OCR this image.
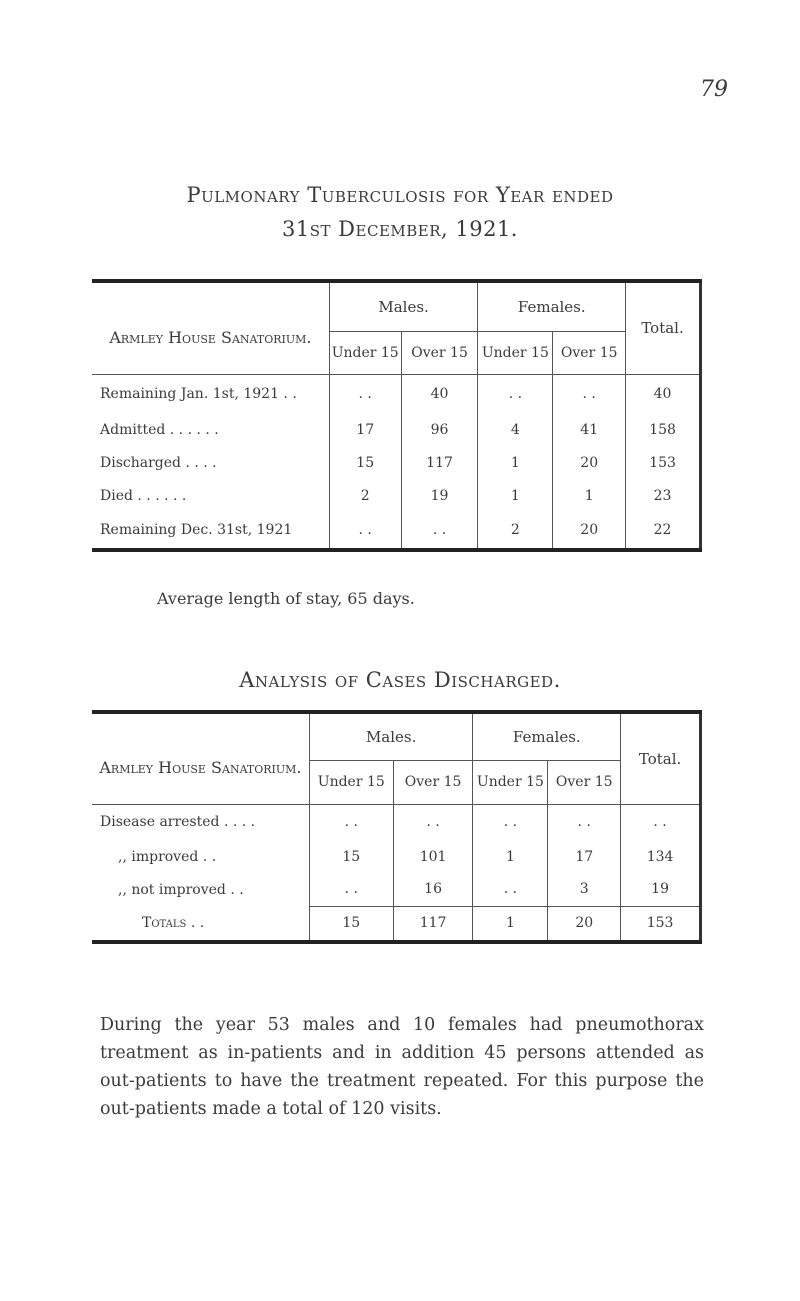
79
Pulmonary Tuberculosis for Year ended
31st December, 1921.
Armley House Sanatorium.	Males.		Females.		Total.
	Under 15	Over 15	Under 15	Over 15	
Remaining Jan. 1st, 1921 . .	. .	40	. .	. .	40
Admitted . . . . . .	17	96	4	41	158
Discharged . . . .	15	117	1	20	153
Died . . . . . .	2	19	1	1	23
Remaining Dec. 31st, 1921	. .	. .	2	20	22
Average length of stay, 65 days.
Analysis of Cases Discharged.
Armley House Sanatorium.	Males.		Females.		Total.
	Under 15	Over 15	Under 15	Over 15	
Disease arrested . . . .	. .	. .	. .	. .	. .
,, improved . .	15	101	1	17	134
,, not improved . .	. .	16	. .	3	19
Totals . .	15	117	1	20	153
During the year 53 males and 10 females had pneumothorax treatment as in-patients and in addition 45 persons attended as out-patients to have the treatment repeated. For this purpose the out-patients made a total of 120 visits.
